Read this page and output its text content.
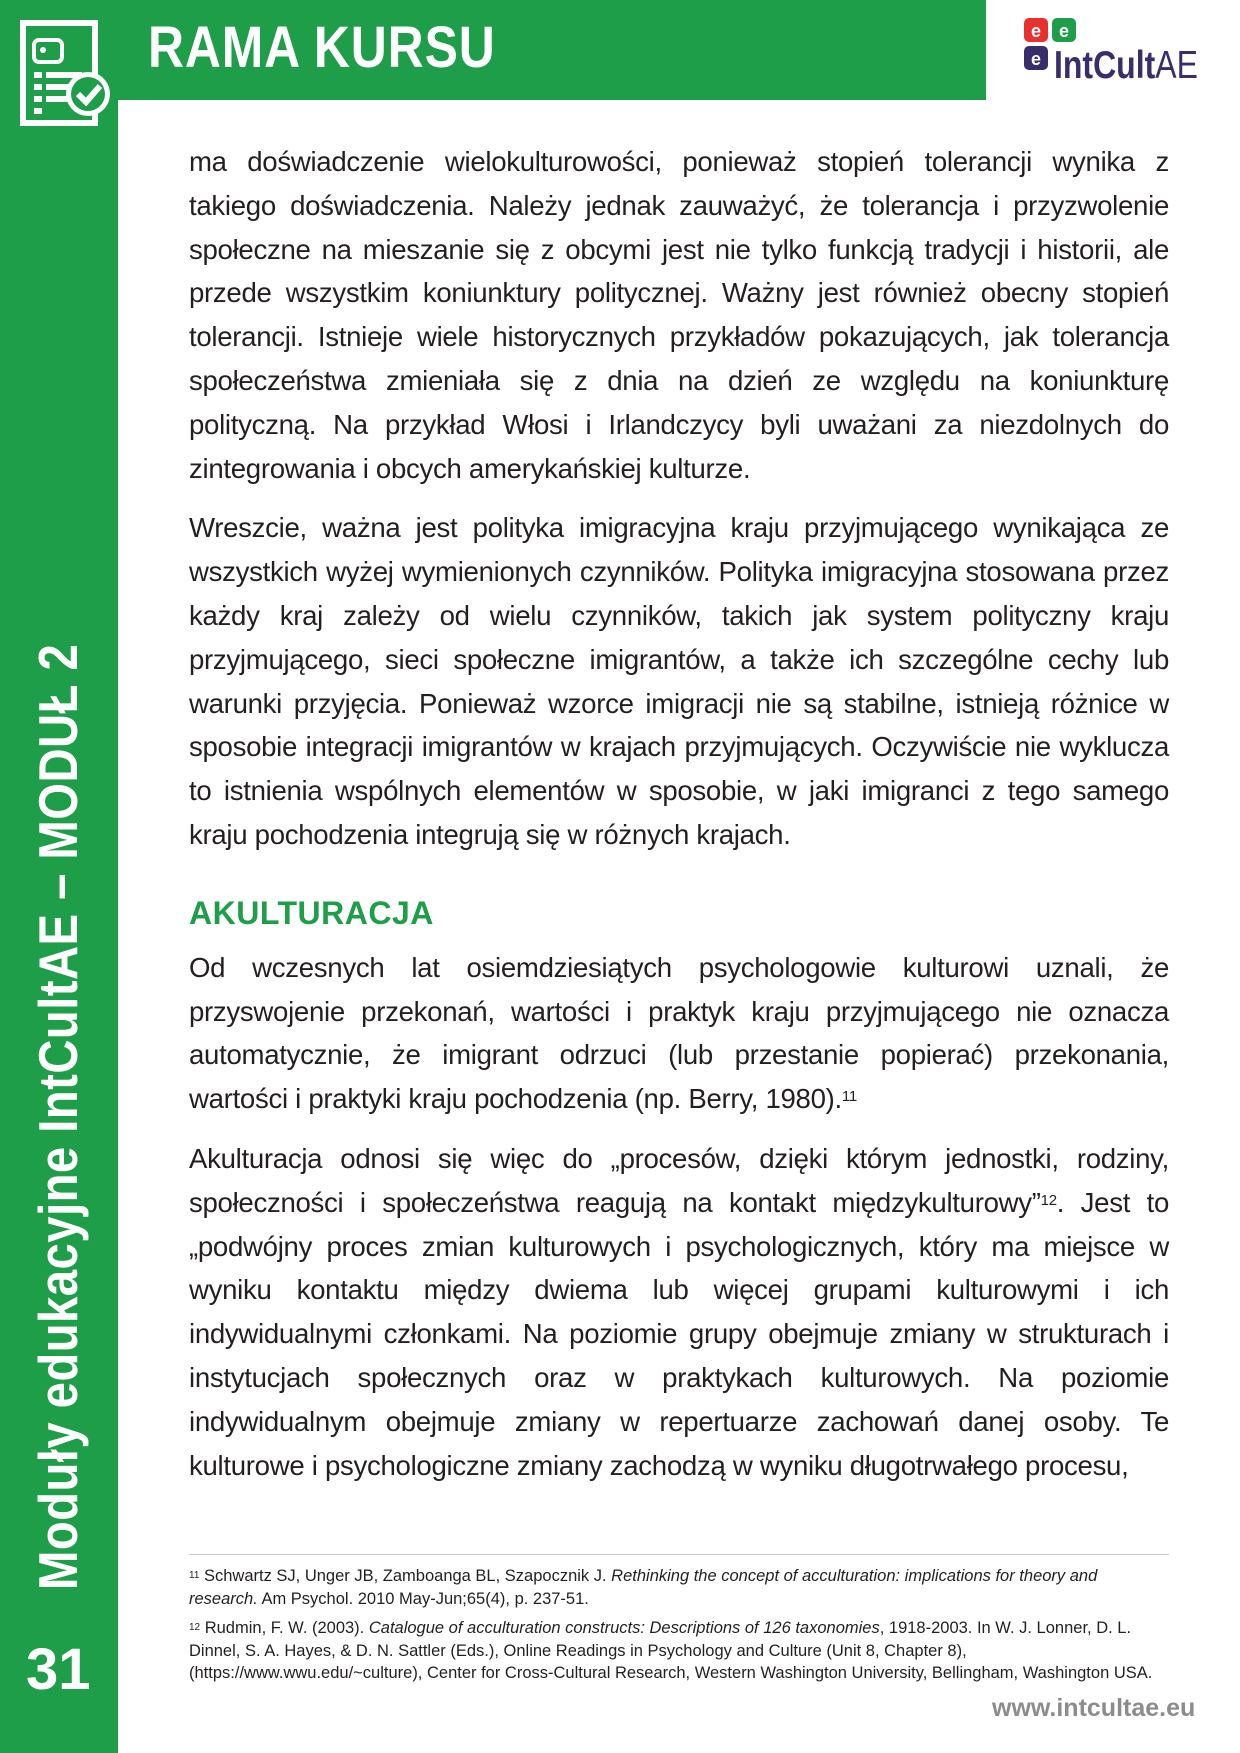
RAMA KURSU	e e
e IntCultAE
Moduły edukacyjne IntCultAE – MODUŁ 2
31

ma doświadczenie wielokulturowości, ponieważ stopień tolerancji wynika z takiego doświadczenia. Należy jednak zauważyć, że tolerancja i przyzwolenie społeczne na mieszanie się z obcymi jest nie tylko funkcją tradycji i historii, ale przede wszystkim koniunktury politycznej. Ważny jest również obecny stopień tolerancji. Istnieje wiele historycznych przykładów pokazujących, jak tolerancja społeczeństwa zmieniała się z dnia na dzień ze względu na koniunkturę polityczną. Na przykład Włosi i Irlandczycy byli uważani za niezdolnych do zintegrowania i obcych amerykańskiej kulturze.

Wreszcie, ważna jest polityka imigracyjna kraju przyjmującego wynikająca ze wszystkich wyżej wymienionych czynników. Polityka imigracyjna stosowana przez każdy kraj zależy od wielu czynników, takich jak system polityczny kraju przyjmującego, sieci społeczne imigrantów, a także ich szczególne cechy lub warunki przyjęcia. Ponieważ wzorce imigracji nie są stabilne, istnieją różnice w sposobie integracji imigrantów w krajach przyjmujących. Oczywiście nie wyklucza to istnienia wspólnych elementów w sposobie, w jaki imigranci z tego samego kraju pochodzenia integrują się w różnych krajach.

AKULTURACJA

Od wczesnych lat osiemdziesiątych psychologowie kulturowi uznali, że przyswojenie przekonań, wartości i praktyk kraju przyjmującego nie oznacza automatycznie, że imigrant odrzuci (lub przestanie popierać) przekonania, wartości i praktyki kraju pochodzenia (np. Berry, 1980).$^{11}$

Akulturacja odnosi się więc do „procesów, dzięki którym jednostki, rodziny, społeczności i społeczeństwa reagują na kontakt międzykulturowy”$^{12}$. Jest to „podwójny proces zmian kulturowych i psychologicznych, który ma miejsce w wyniku kontaktu między dwiema lub więcej grupami kulturowymi i ich indywidualnymi członkami. Na poziomie grupy obejmuje zmiany w strukturach i instytucjach społecznych oraz w praktykach kulturowych. Na poziomie indywidualnym obejmuje zmiany w repertuarze zachowań danej osoby. Te kulturowe i psychologiczne zmiany zachodzą w wyniku długotrwałego procesu,

$^{11}$ Schwartz SJ, Unger JB, Zamboanga BL, Szapocznik J. Rethinking the concept of acculturation: implications for theory and research. Am Psychol. 2010 May-Jun;65(4), p. 237-51.
$^{12}$ Rudmin, F. W. (2003). Catalogue of acculturation constructs: Descriptions of 126 taxonomies, 1918-2003. In W. J. Lonner, D. L. Dinnel, S. A. Hayes, & D. N. Sattler (Eds.), Online Readings in Psychology and Culture (Unit 8, Chapter 8), (https://www.wwu.edu/~culture), Center for Cross-Cultural Research, Western Washington University, Bellingham, Washington USA.
www.intcultae.eu
